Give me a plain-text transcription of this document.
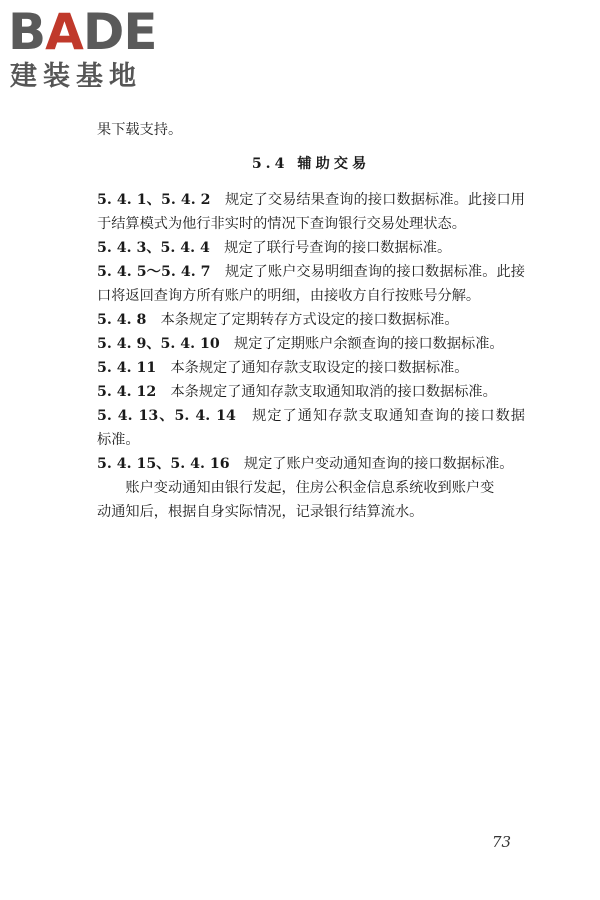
BADE
建装基地
果下载支持。
5.4 辅助交易
5. 4. 1、5. 4. 2　 规定了交易结果查询的接口数据标准。此接口用
于结算模式为他行非实时的情况下查询银行交易处理状态。
5. 4. 3、5. 4. 4　 规定了联行号查询的接口数据标准。
5. 4. 5～5. 4. 7　 规定了账户交易明细查询的接口数据标准。此接
口将返回查询方所有账户的明细，由接收方自行按账号分解。
5. 4. 8　 本条规定了定期转存方式设定的接口数据标准。
5. 4. 9、5. 4. 10　 规定了定期账户余额查询的接口数据标准。
5. 4. 11　 本条规定了通知存款支取设定的接口数据标准。
5. 4. 12　 本条规定了通知存款支取通知取消的接口数据标准。
5. 4. 13、5. 4. 14　 规定了通知存款支取通知查询的接口数据
标准。
5. 4. 15、5. 4. 16　 规定了账户变动通知查询的接口数据标准。
账户变动通知由银行发起，住房公积金信息系统收到账户变
动通知后，根据自身实际情况，记录银行结算流水。
73
